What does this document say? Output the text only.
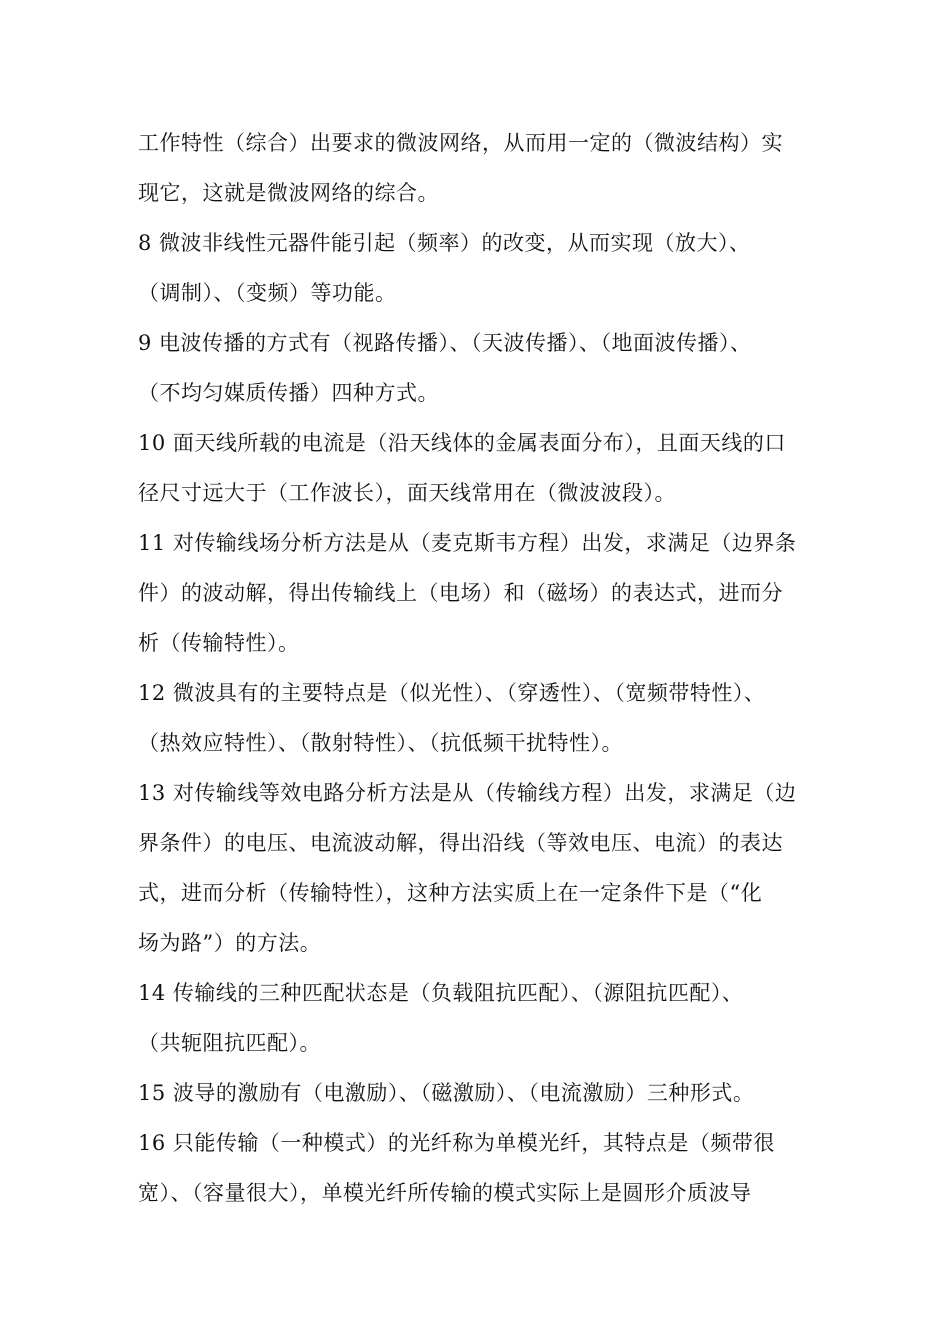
工作特性（综合）出要求的微波网络，从而用一定的（微波结构）实
现它，这就是微波网络的综合。
8 微波非线性元器件能引起（频率）的改变，从而实现（放大）、
（调制）、（变频）等功能。
9 电波传播的方式有（视路传播）、（天波传播）、（地面波传播）、
（不均匀媒质传播）四种方式。
10 面天线所载的电流是（沿天线体的金属表面分布），且面天线的口
径尺寸远大于（工作波长），面天线常用在（微波波段）。
11 对传输线场分析方法是从（麦克斯韦方程）出发，求满足（边界条
件）的波动解，得出传输线上（电场）和（磁场）的表达式，进而分
析（传输特性）。
12 微波具有的主要特点是（似光性）、（穿透性）、（宽频带特性）、
（热效应特性）、（散射特性）、（抗低频干扰特性）。
13 对传输线等效电路分析方法是从（传输线方程）出发，求满足（边
界条件）的电压、电流波动解，得出沿线（等效电压、电流）的表达
式，进而分析（传输特性），这种方法实质上在一定条件下是（“化
场为路”）的方法。
14 传输线的三种匹配状态是（负载阻抗匹配）、（源阻抗匹配）、
（共轭阻抗匹配）。
15 波导的激励有（电激励）、（磁激励）、（电流激励）三种形式。
16 只能传输（一种模式）的光纤称为单模光纤，其特点是（频带很
宽）、（容量很大），单模光纤所传输的模式实际上是圆形介质波导
